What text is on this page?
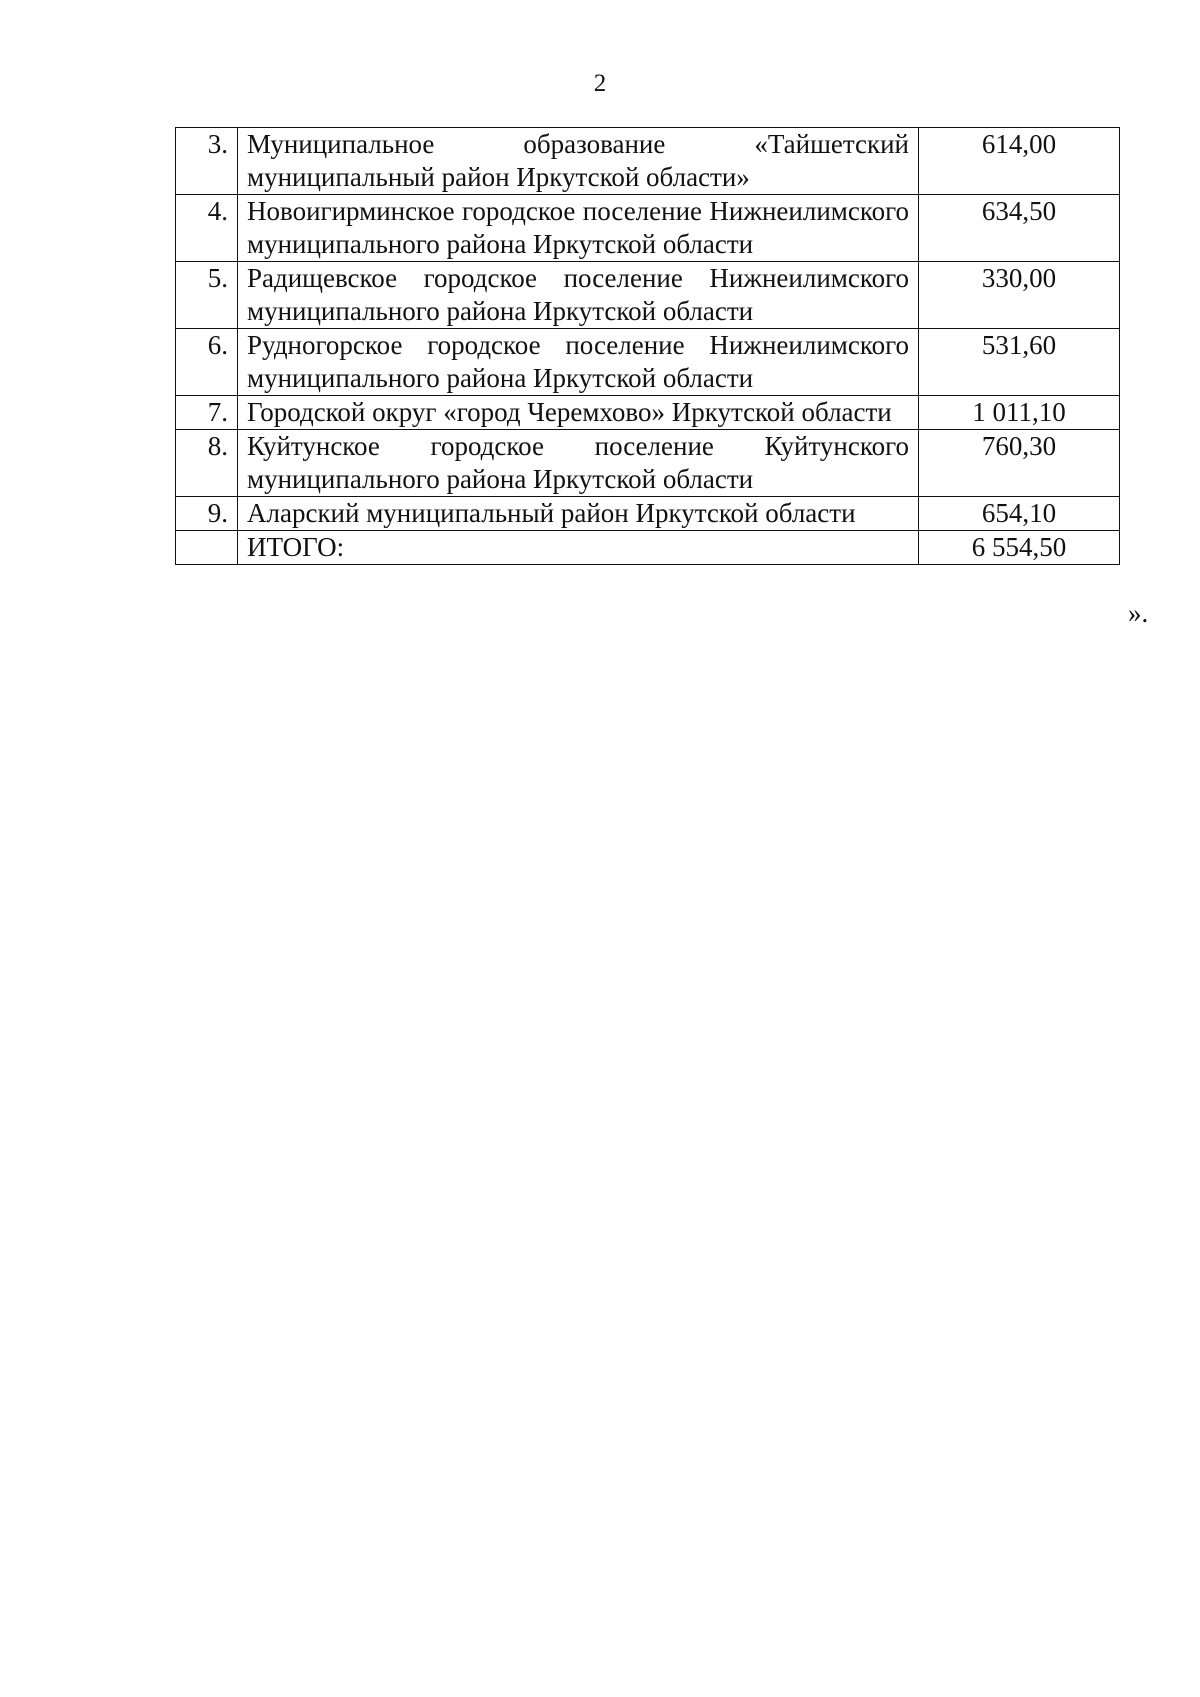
2
3.	Муниципальное образование «Тайшетский муниципальный район Иркутской области»	614,00
4.	Новоигирминское городское поселение Нижнеилимского муниципального района Иркутской области	634,50
5.	Радищевское городское поселение Нижнеилимского муниципального района Иркутской области	330,00
6.	Рудногорское городское поселение Нижнеилимского муниципального района Иркутской области	531,60
7.	Городской округ «город Черемхово» Иркутской области	1 011,10
8.	Куйтунское городское поселение Куйтунского муниципального района Иркутской области	760,30
9.	Аларский муниципальный район Иркутской области	654,10
	ИТОГО:	6 554,50
».
